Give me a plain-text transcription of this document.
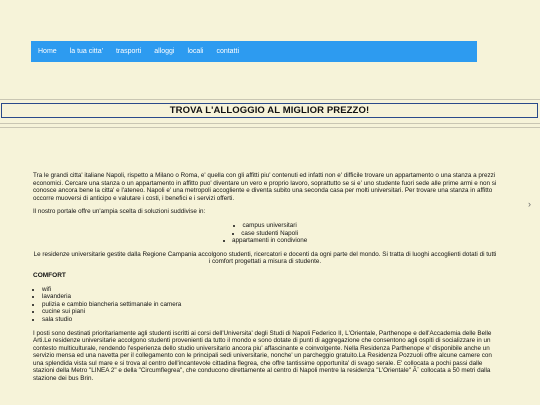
Home la tua citta' trasporti alloggi locali contatti
TROVA L'ALLOGGIO AL MIGLIOR PREZZO!
›

Tra le grandi citta' italiane Napoli, rispetto a Milano o Roma, e' quella con gli affitti piu' contenuti ed infatti non e' difficile trovare un appartamento o una stanza a prezzi economici. Cercare una stanza o un appartamento in affitto puo' diventare un vero e proprio lavoro, soprattutto se si e' uno studente fuori sede alle prime armi e non si conosce ancora bene la citta' e l'ateneo. Napoli e' una metropoli accogliente e diventa subito una seconda casa per molti universitari. Per trovare una stanza in affitto occorre muoversi di anticipo e valutare i costi, i benefici e i servizi offerti.

Il nostro portale offre un'ampia scelta di soluzioni suddivise in:

• campus universitari
• case studenti Napoli
• appartamenti in condivione

Le residenze universitarie gestite dalla Regione Campania accolgono studenti, ricercatori e docenti da ogni parte del mondo. Si tratta di luoghi accoglienti dotati di tutti i comfort progettati a misura di studente.

COMFORT

• wifi
• lavanderia
• pulizia e cambio biancheria settimanale in camera
• cucine sui piani
• sala studio

I posti sono destinati prioritariamente agli studenti iscritti ai corsi dell'Universita' degli Studi di Napoli Federico II, L'Orientale, Parthenope e dell'Accademia delle Belle Arti.Le residenze universitarie accolgono studenti provenienti da tutto il mondo e sono dotate di punti di aggregazione che consentono agli ospiti di socializzare in un contesto multiculturale, rendendo l'esperienza dello studio universitario ancora piu' affascinante e coinvolgente. Nella Residenza Parthenope e' disponibile anche un servizio mensa ed una navetta per il collegamento con le principali sedi universitarie, nonche' un parcheggio gratuito.La Residenza Pozzuoli offre alcune camere con una splendida vista sul mare e si trova al centro dell'incantevole cittadina flegrea, che offre tantissime opportunita' di svago serale. E' collocata a pochi passi dalle stazioni della Metro "LINEA 2" e della "Circumflegrea", che conducono direttamente al centro di Napoli mentre la residenza "L'Orientale" Ã¨ collocata a 50 metri dalla stazione dei bus Brin.
